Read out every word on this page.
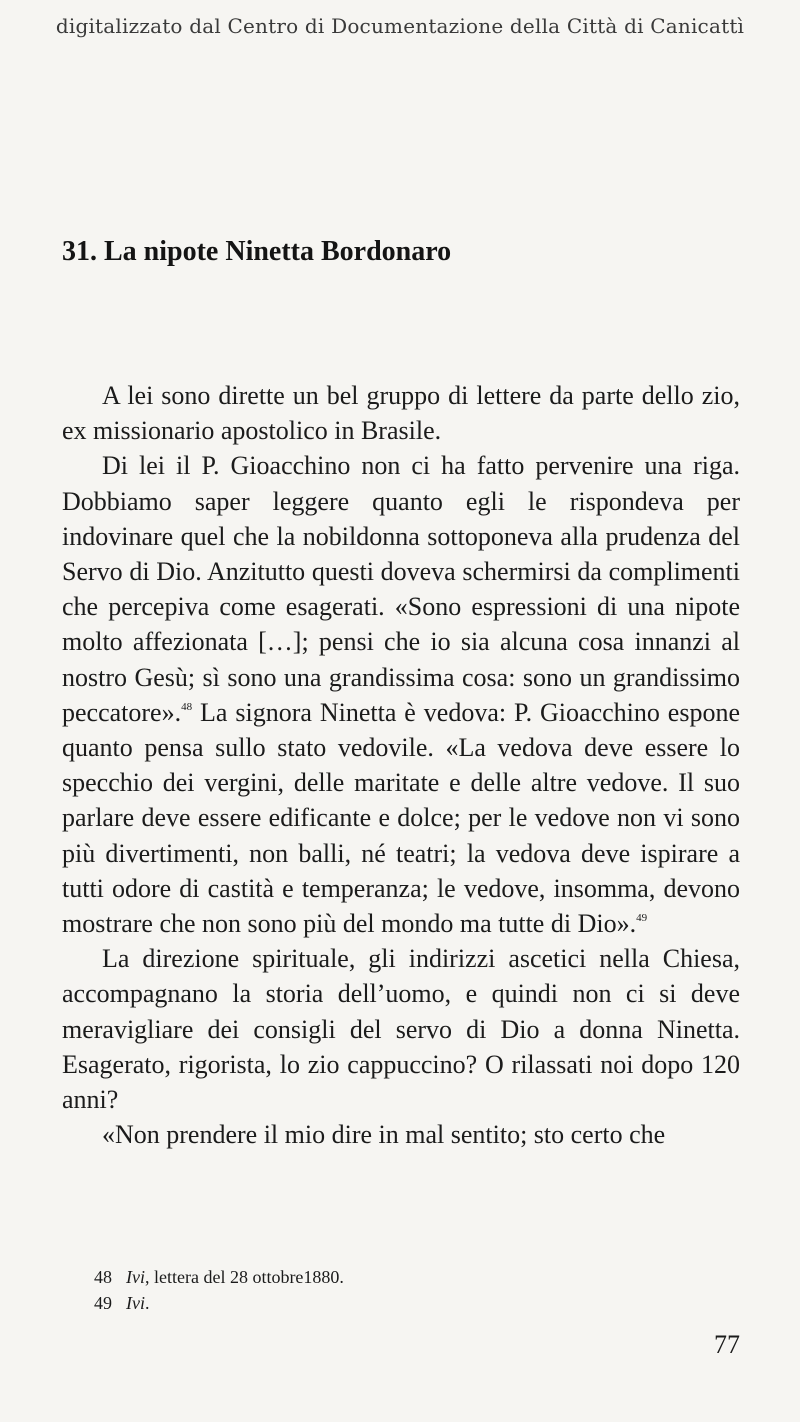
digitalizzato dal Centro di Documentazione della Città di Canicattì
31. La nipote Ninetta Bordonaro

A lei sono dirette un bel gruppo di lettere da parte dello zio, ex missionario apostolico in Brasile.

Di lei il P. Gioacchino non ci ha fatto pervenire una riga. Dobbiamo saper leggere quanto egli le rispondeva per indovinare quel che la nobildonna sottoponeva alla prudenza del Servo di Dio. Anzitutto questi doveva schermirsi da complimenti che percepiva come esagerati. «Sono espressioni di una nipote molto affezionata […]; pensi che io sia alcuna cosa innanzi al nostro Gesù; sì sono una grandissima cosa: sono un grandissimo peccatore».$^{48}$ La signora Ninetta è vedova: P. Gioacchino espone quanto pensa sullo stato vedovile. «La vedova deve essere lo specchio dei vergini, delle maritate e delle altre vedove. Il suo parlare deve essere edificante e dolce; per le vedove non vi sono più divertimenti, non balli, né teatri; la vedova deve ispirare a tutti odore di castità e temperanza; le vedove, insomma, devono mostrare che non sono più del mondo ma tutte di Dio».$^{49}$

La direzione spirituale, gli indirizzi ascetici nella Chiesa, accompagnano la storia dell’uomo, e quindi non ci si deve meravigliare dei consigli del servo di Dio a donna Ninetta. Esagerato, rigorista, lo zio cappuccino? O rilassati noi dopo 120 anni?

«Non prendere il mio dire in mal sentito; sto certo che

48 Ivi, lettera del 28 ottobre1880.
49 Ivi.
77
